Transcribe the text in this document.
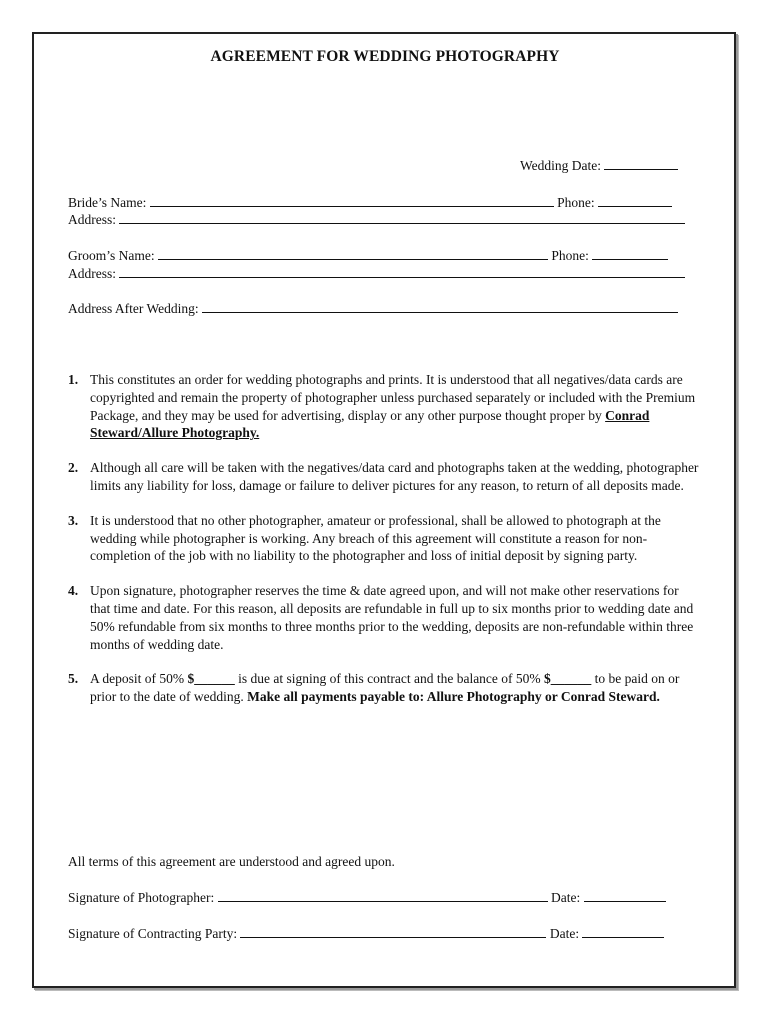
AGREEMENT FOR WEDDING PHOTOGRAPHY
Wedding Date:
Bride’s Name:	Phone:
Address:
Groom’s Name:	Phone:
Address:
Address After Wedding:
1. This constitutes an order for wedding photographs and prints. It is understood that all negatives/data cards are copyrighted and remain the property of photographer unless purchased separately or included with the Premium Package, and they may be used for advertising, display or any other purpose thought proper by Conrad Steward/Allure Photography.
2. Although all care will be taken with the negatives/data card and photographs taken at the wedding, photographer limits any liability for loss, damage or failure to deliver pictures for any reason, to return of all deposits made.
3. It is understood that no other photographer, amateur or professional, shall be allowed to photograph at the wedding while photographer is working. Any breach of this agreement will constitute a reason for non-completion of the job with no liability to the photographer and loss of initial deposit by signing party.
4. Upon signature, photographer reserves the time & date agreed upon, and will not make other reservations for that time and date. For this reason, all deposits are refundable in full up to six months prior to wedding date and 50% refundable from six months to three months prior to the wedding, deposits are non-refundable within three months of wedding date.
5. A deposit of 50% $______ is due at signing of this contract and the balance of 50% $______ to be paid on or prior to the date of wedding. Make all payments payable to: Allure Photography or Conrad Steward.
All terms of this agreement are understood and agreed upon.
Signature of Photographer:	Date:
Signature of Contracting Party:	Date:
